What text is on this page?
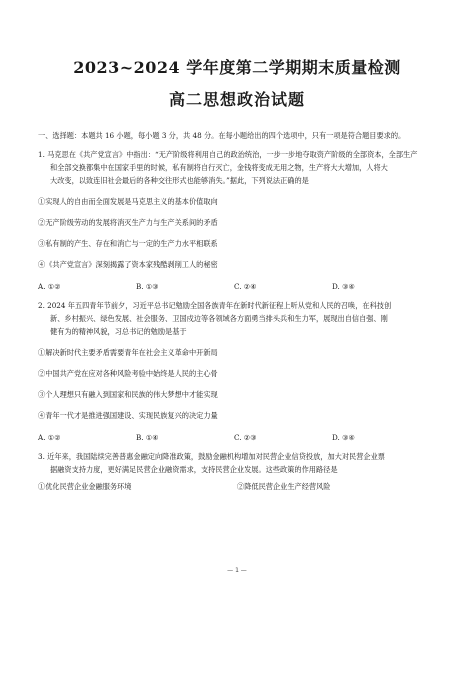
2023~2024 学年度第二学期期末质量检测
高二思想政治试题
一、选择题：本题共 16 小题，每小题 3 分，共 48 分。在每小题给出的四个选项中，只有一项是符合题目要求的。

1. 马克思在《共产党宣言》中指出：“无产阶级将利用自己的政治统治，一步一步地夺取资产阶级的全部资本，全部生产

和全部交换都集中在国家手里的时候，私有制将自行灭亡，金钱将变成无用之物，生产将大大增加，人将大

大改变，以致连旧社会最后的各种交往形式也能够消失。”据此，下列说法正确的是

①实现人的自由而全面发展是马克思主义的基本价值取向
②无产阶级劳动的发展将消灭生产力与生产关系间的矛盾
③私有制的产生、存在和消亡与一定的生产力水平相联系
④《共产党宣言》深刻揭露了资本家残酷剥削工人的秘密
A. ①②	B. ①③	C. ②④	D. ③④

2. 2024 年五四青年节前夕，习近平总书记勉励全国各族青年在新时代新征程上听从党和人民的召唤，在科技创

新、乡村振兴、绿色发展、社会服务、卫国戍边等各领域各方面勇当排头兵和生力军，展现出自信自强、刚

健有为的精神风貌，习总书记的勉励是基于

①解决新时代主要矛盾需要青年在社会主义革命中开新局
②中国共产党在应对各种风险考验中始终是人民的主心骨
③个人理想只有融入到国家和民族的伟大梦想中才能实现
④青年一代才是推进强国建设、实现民族复兴的决定力量
A. ①②	B. ①④	C. ②③	D. ③④

3. 近年来，我国陆续完善普惠金融定向降准政策，鼓励金融机构增加对民营企业信贷投放，加大对民营企业票

据融资支持力度，更好满足民营企业融资需求，支持民营企业发展。这些政策的作用路径是

①优化民营企业金融服务环境	②降低民营企业生产经营风险
— 1 —
